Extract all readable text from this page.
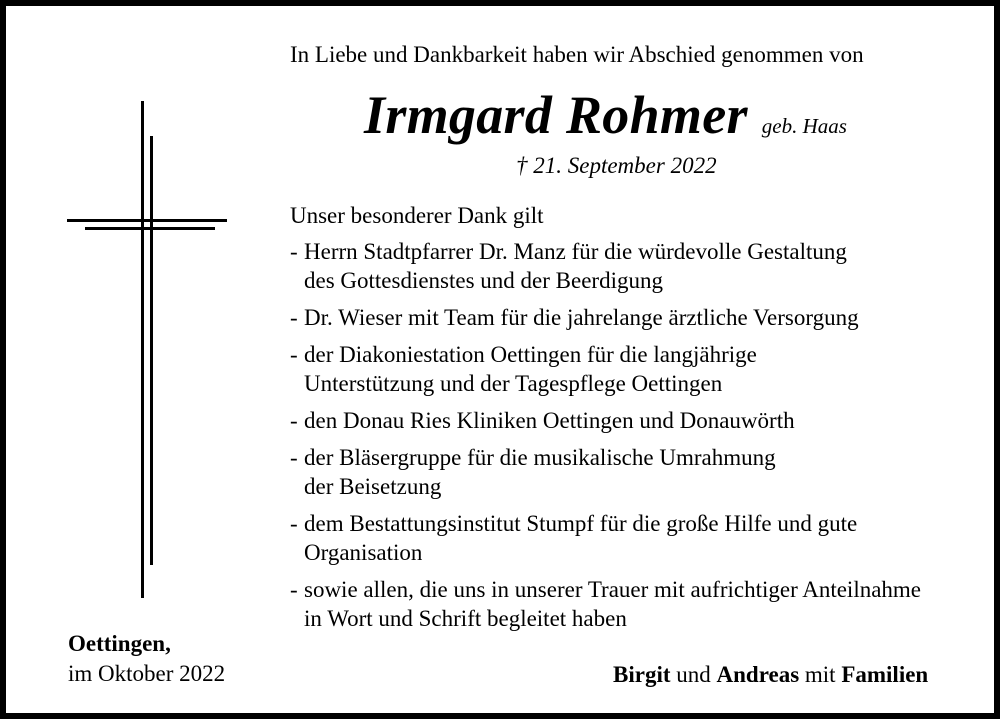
In Liebe und Dankbarkeit haben wir Abschied genommen von
Irmgard Rohmer geb. Haas
† 21. September 2022
Unser besonderer Dank gilt
- Herrn Stadtpfarrer Dr. Manz für die würdevolle Gestaltung
des Gottesdienstes und der Beerdigung
- Dr. Wieser mit Team für die jahrelange ärztliche Versorgung
- der Diakoniestation Oettingen für die langjährige
Unterstützung und der Tagespflege Oettingen
- den Donau Ries Kliniken Oettingen und Donauwörth
- der Bläsergruppe für die musikalische Umrahmung
der Beisetzung
- dem Bestattungsinstitut Stumpf für die große Hilfe und gute
Organisation
- sowie allen, die uns in unserer Trauer mit aufrichtiger Anteilnahme
in Wort und Schrift begleitet haben
Oettingen,
im Oktober 2022	Birgit und Andreas mit Familien
